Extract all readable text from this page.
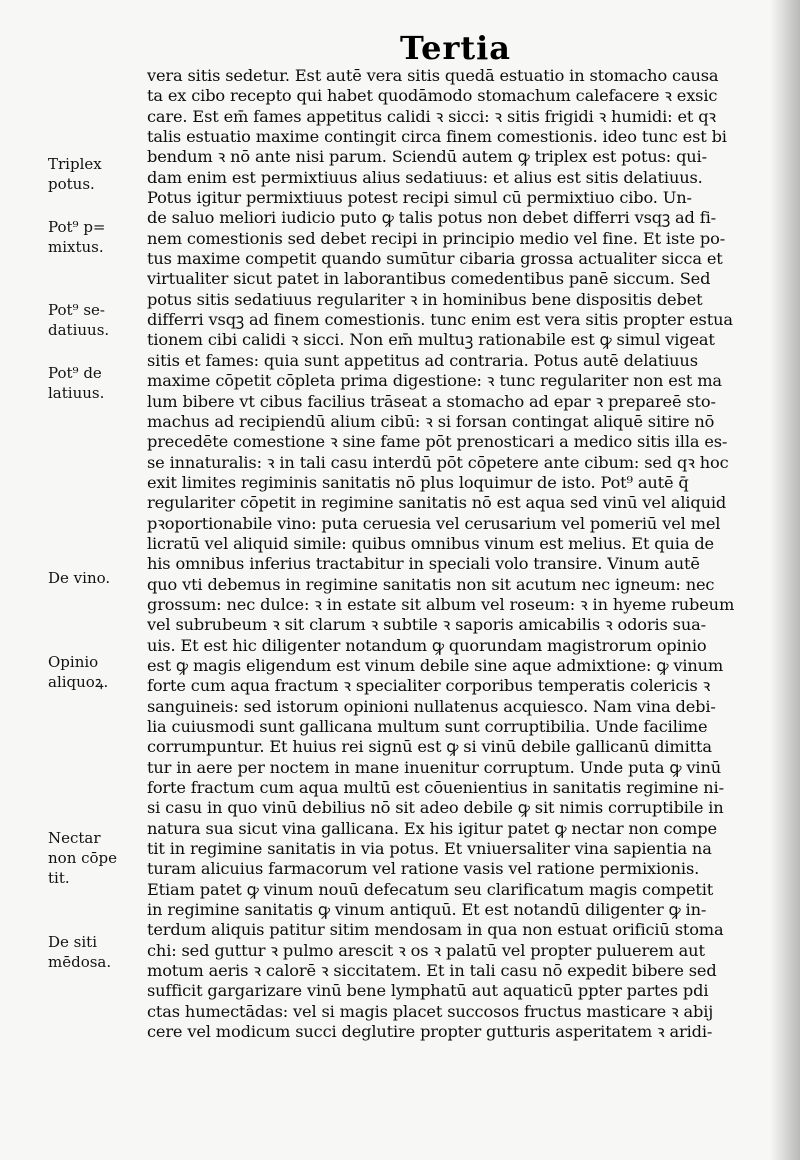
Tertia
Triplex
potus.
Pot⁹ p=
mixtus.
Pot⁹ se-
datiuus.
Pot⁹ de
latiuus.
De vino.
Opinio
aliquoꝝ.
Nectar
non cōpe
tit.
De siti
mēdosa.
vera sitis sedetur. Est autē vera sitis quedā estuatio in stomacho causa
ta ex cibo recepto qui habet quodāmodo stomachum calefacere ꝛ exsic
care. Est em̄ fames appetitus calidi ꝛ sicci: ꝛ sitis frigidi ꝛ humidi: et qꝛ
talis estuatio maxime contingit circa finem comestionis. ideo tunc est bi
bendum ꝛ nō ante nisi parum. Sciendū autem ꝙ triplex est potus: qui-
dam enim est permixtiuus alius sedatiuus: et alius est sitis delatiuus.
Potus igitur permixtiuus potest recipi simul cū permixtiuo cibo. Un-
de saluo meliori iudicio puto ꝙ talis potus non debet differri vsqꝫ ad fi-
nem comestionis sed debet recipi in principio medio vel fine. Et iste po-
tus maxime competit quando sumūtur cibaria grossa actualiter sicca et
virtualiter sicut patet in laborantibus comedentibus panē siccum. Sed
potus sitis sedatiuus regulariter ꝛ in hominibus bene dispositis debet
differri vsqꝫ ad finem comestionis. tunc enim est vera sitis propter estua
tionem cibi calidi ꝛ sicci. Non em̄ multuꝫ rationabile est ꝙ simul vigeat
sitis et fames: quia sunt appetitus ad contraria. Potus autē delatiuus
maxime cōpetit cōpleta prima digestione: ꝛ tunc regulariter non est ma
lum bibere vt cibus facilius trāseat a stomacho ad epar ꝛ prepareē sto-
machus ad recipiendū alium cibū: ꝛ si forsan contingat aliquē sitire nō
precedēte comestione ꝛ sine fame pōt prenosticari a medico sitis illa es-
se innaturalis: ꝛ in tali casu interdū pōt cōpetere ante cibum: sed qꝛ hoc
exit limites regiminis sanitatis nō plus loquimur de isto. Pot⁹ autē q̄
regulariter cōpetit in regimine sanitatis nō est aqua sed vinū vel aliquid
pꝛoportionabile vino: puta ceruesia vel cerusarium vel pomeriū vel mel
licratū vel aliquid simile: quibus omnibus vinum est melius. Et quia de
his omnibus inferius tractabitur in speciali volo transire. Vinum autē
quo vti debemus in regimine sanitatis non sit acutum nec igneum: nec
grossum: nec dulce: ꝛ in estate sit album vel roseum: ꝛ in hyeme rubeum
vel subrubeum ꝛ sit clarum ꝛ subtile ꝛ saporis amicabilis ꝛ odoris sua-
uis. Et est hic diligenter notandum ꝙ quorundam magistrorum opinio
est ꝙ magis eligendum est vinum debile sine aque admixtione: ꝙ vinum
forte cum aqua fractum ꝛ specialiter corporibus temperatis colericis ꝛ
sanguineis: sed istorum opinioni nullatenus acquiesco. Nam vina debi-
lia cuiusmodi sunt gallicana multum sunt corruptibilia. Unde facilime
corrumpuntur. Et huius rei signū est ꝙ si vinū debile gallicanū dimitta
tur in aere per noctem in mane inuenitur corruptum. Unde puta ꝙ vinū
forte fractum cum aqua multū est cōuenientius in sanitatis regimine ni-
si casu in quo vinū debilius nō sit adeo debile ꝙ sit nimis corruptibile in
natura sua sicut vina gallicana. Ex his igitur patet ꝙ nectar non compe
tit in regimine sanitatis in via potus. Et vniuersaliter vina sapientia na
turam alicuius farmacorum vel ratione vasis vel ratione permixionis.
Etiam patet ꝙ vinum nouū defecatum seu clarificatum magis competit
in regimine sanitatis ꝙ vinum antiquū. Et est notandū diligenter ꝙ in-
terdum aliquis patitur sitim mendosam in qua non estuat orificiū stoma
chi: sed guttur ꝛ pulmo arescit ꝛ os ꝛ palatū vel propter puluerem aut
motum aeris ꝛ calorē ꝛ siccitatem. Et in tali casu nō expedit bibere sed
sufficit gargarizare vinū bene lymphatū aut aquaticū ppter partes pdi
ctas humectādas: vel si magis placet succosos fructus masticare ꝛ abij
cere vel modicum succi deglutire propter gutturis asperitatem ꝛ aridi-
